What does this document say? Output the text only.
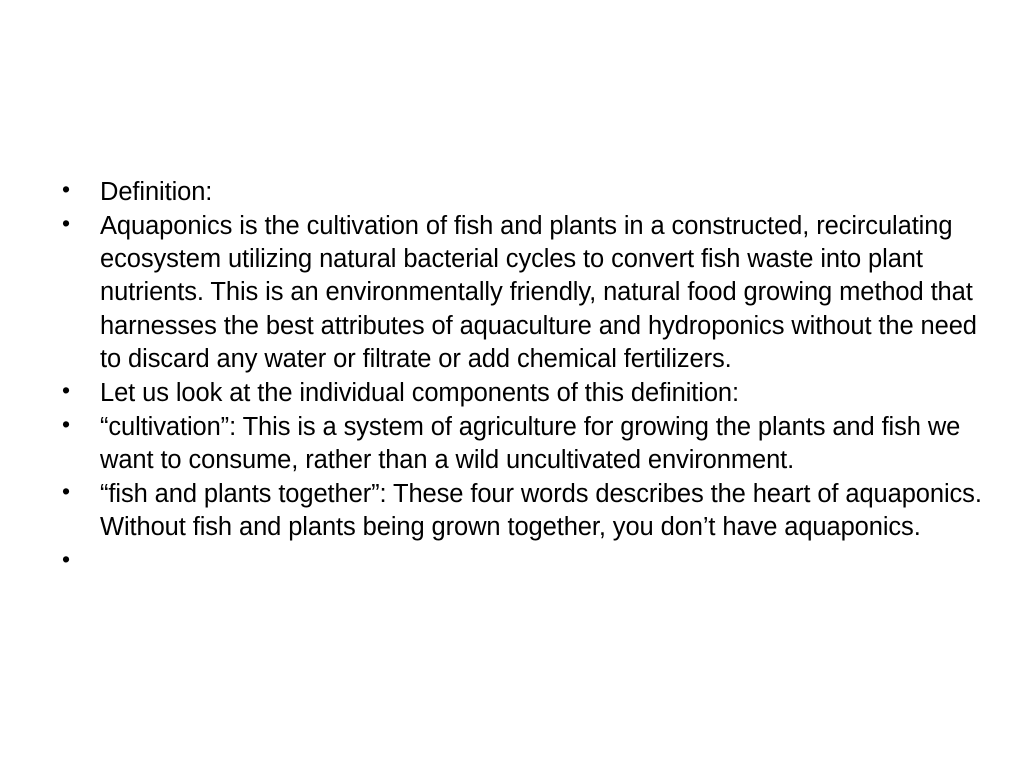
• Definition:
• Aquaponics is the cultivation of fish and plants in a constructed, recirculating ecosystem utilizing natural bacterial cycles to convert fish waste into plant nutrients. This is an environmentally friendly, natural food growing method that harnesses the best attributes of aquaculture and hydroponics without the need to discard any water or filtrate or add chemical fertilizers.
• Let us look at the individual components of this definition:
• “cultivation”: This is a system of agriculture for growing the plants and fish we want to consume, rather than a wild uncultivated environment.
• “fish and plants together”: These four words describes the heart of aquaponics. Without fish and plants being grown together, you don’t have aquaponics.
•
